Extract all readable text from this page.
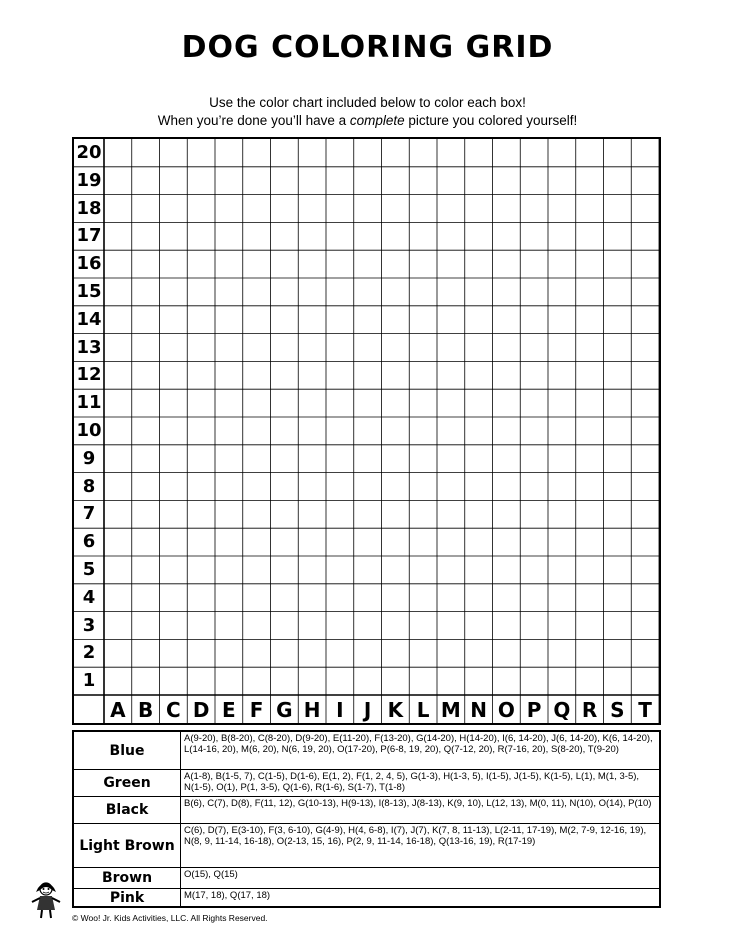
DOG COLORING GRID
Use the color chart included below to color each box!
When you’re done you’ll have a complete picture you colored yourself!
20
19
18
17
16
15
14
13
12
11
10
9
8
7
6
5
4
3
2
1
A B C D E F G H I	J K L M N O P Q R S T
Blue
A(9-20), B(8-20), C(8-20), D(9-20), E(11-20), F(13-20), G(14-20), H(14-20), I(6, 14-20), J(6, 14-20), K(6, 14-20), L(14-16, 20), M(6, 20), N(6, 19, 20), O(17-20), P(6-8, 19, 20), Q(7-12, 20), R(7-16, 20), S(8-20), T(9-20)
Green	A(1-8), B(1-5, 7), C(1-5), D(1-6), E(1, 2), F(1, 2, 4, 5), G(1-3), H(1-3, 5), I(1-5), J(1-5), K(1-5), L(1), M(1, 3-5), N(1-5), O(1), P(1, 3-5), Q(1-6), R(1-6), S(1-7), T(1-8)
Black	B(6), C(7), D(8), F(11, 12), G(10-13), H(9-13), I(8-13), J(8-13), K(9, 10), L(12, 13), M(0, 11), N(10), O(14), P(10)
Light Brown
C(6), D(7), E(3-10), F(3, 6-10), G(4-9), H(4, 6-8), I(7), J(7), K(7, 8, 11-13), L(2-11, 17-19), M(2, 7-9, 12-16, 19), N(8, 9, 11-14, 16-18), O(2-13, 15, 16), P(2, 9, 11-14, 16-18), Q(13-16, 19), R(17-19)
Brown	O(15), Q(15)
Pink	M(17, 18), Q(17, 18)
© Woo! Jr. Kids Activities, LLC. All Rights Reserved.
